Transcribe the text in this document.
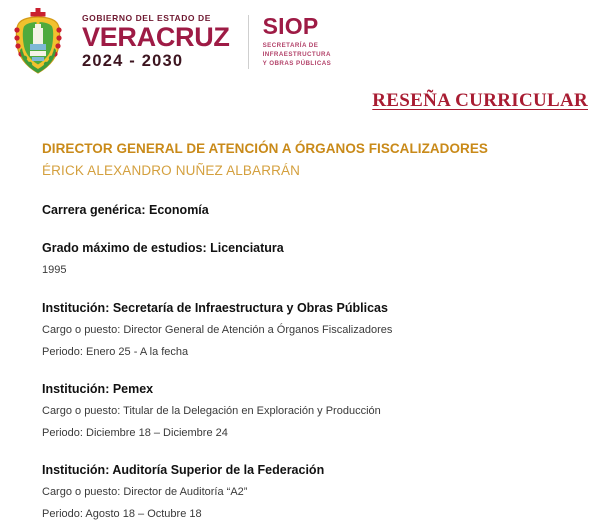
GOBIERNO DEL ESTADO DE
VERACRUZ
2024 - 2030
SIOP
SECRETARÍA DE
INFRAESTRUCTURA
Y OBRAS PÚBLICAS
RESEÑA CURRICULAR
DIRECTOR GENERAL DE ATENCIÓN A ÓRGANOS FISCALIZADORES
ÉRICK ALEXANDRO NUÑEZ ALBARRÁN
Carrera genérica: Economía
Grado máximo de estudios: Licenciatura
1995
Institución: Secretaría de Infraestructura y Obras Públicas
Cargo o puesto: Director General de Atención a Órganos Fiscalizadores
Periodo: Enero 25 - A la fecha
Institución: Pemex
Cargo o puesto: Titular de la Delegación en Exploración y Producción
Periodo: Diciembre 18 – Diciembre 24
Institución: Auditoría Superior de la Federación
Cargo o puesto: Director de Auditoría “A2”
Periodo: Agosto 18 – Octubre 18
